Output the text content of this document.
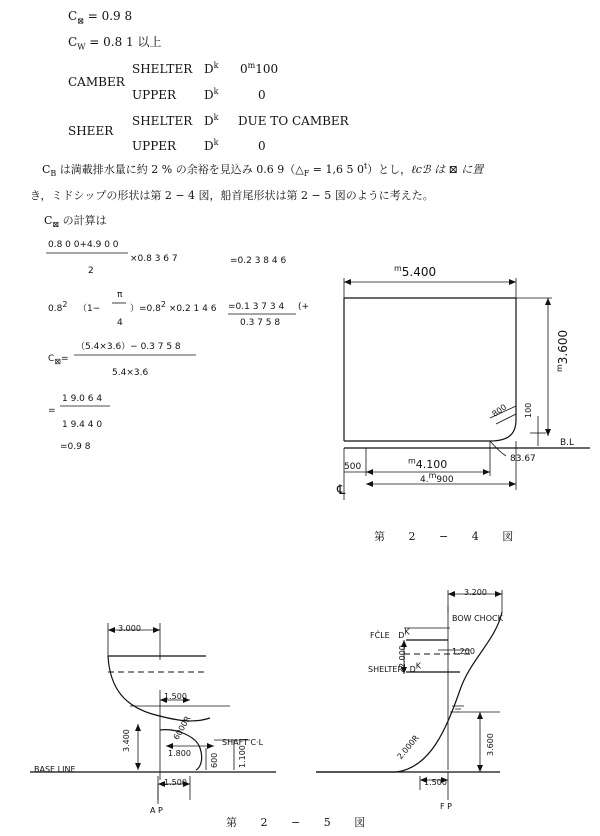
$C_⊠ = 0.9$ 8
$C_W = 0.8$ 1 以上
CAMBER
SHELTER $D^k$ 0$^m$100
UPPER $D^k$	0
SHEER
SHELTER $D^k$ DUE TO CAMBER
UPPER $D^k$	0
$C_B$ は満載排水量に約 2 % の余裕を見込み 0.6 $9(\triangle_F = 1,6$ 5 0$^t$）とし，ℓcℬ は ⊠ に置
き，ミドシップの形状は第 2 − 4 図，船首尾形状は第 2 − 5 図のように考えた。
$C_⊠$ の計算は
0.8 0 0+4.9 0 0
2
×0.8 3 6 7	=0.2 3 8 4 6
$0.8^2$ （1−
π
4
）$=0.8^2 \times 0.2$ 1 4 6 =0.1 3 7 3 4
0.3 7 5 8
(+
$C_⊠=$
（5.4×3.6）− 0.3 7 5 8
5.4×3.6
=
1 9.0 6 4
1 9.4 4 0
=0.9 8
$^m$5.400
$^m$3.600
800 100
B.L
83.67
500
$^m$4.100
4.$^m$900
℄
第 2 − 4 図
3.000
1.500
6000R
3.400
1.800
SHAFT C·L
600	1.100
BASE LINE
1.500
A P
3.200
BOW CHOCK
FĈLE $D^K$
2.000	1.200
SHELTER $D^K$
3.600
2.000R
1.500
F P
第 2 − 5 図
